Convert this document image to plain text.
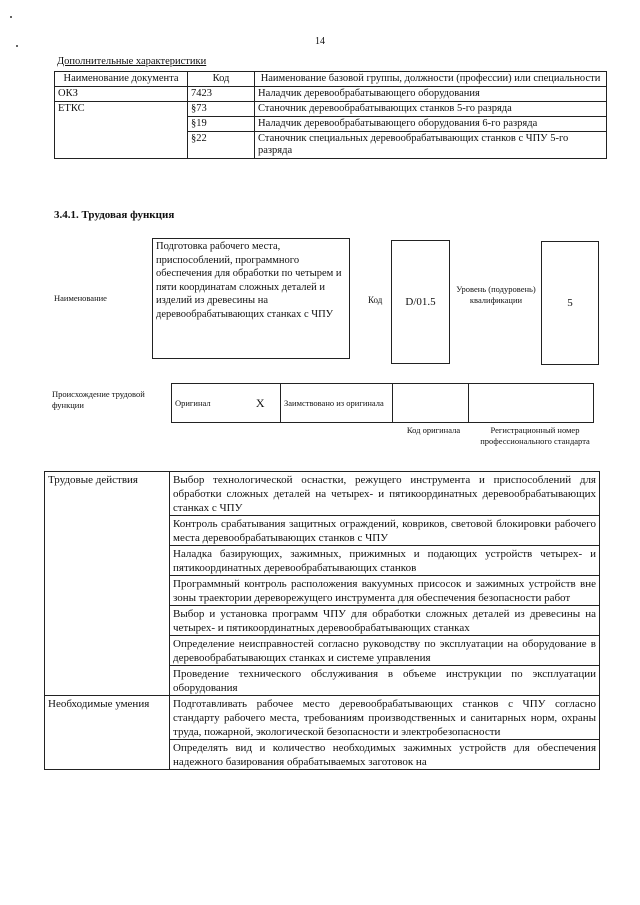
14
Дополнительные характеристики
Наименование документа	Код	Наименование базовой группы, должности (профессии) или специальности
ОКЗ	7423	Наладчик деревообрабатывающего оборудования
ЕТКС	§73	Станочник деревообрабатывающих станков 5-го разряда
	§19	Наладчик деревообрабатывающего оборудования 6-го разряда
	§22	Станочник специальных деревообрабатывающих станков с ЧПУ 5-го разряда
3.4.1. Трудовая функция
Наименование
Подготовка рабочего места, приспособлений, программного обеспечения для обработки по четырем и пяти координатам сложных деталей и изделий из древесины на деревообрабатывающих станках с ЧПУ
Код	D/01.5
Уровень (подуровень) квалификации	5
Происхождение трудовой функции	Оригинал	X	Заимствовано из оригинала		
Код оригинала	Регистрационный номер профессионального стандарта
Трудовые действия	Выбор технологической оснастки, режущего инструмента и приспособлений для обработки сложных деталей на четырех- и пятикоординатных деревообрабатывающих станках с ЧПУ
	Контроль срабатывания защитных ограждений, ковриков, световой блокировки рабочего места деревообрабатывающих станков с ЧПУ
	Наладка базирующих, зажимных, прижимных и подающих устройств четырех- и пятикоординатных деревообрабатывающих станков
	Программный контроль расположения вакуумных присосок и зажимных устройств вне зоны траектории дереворежущего инструмента для обеспечения безопасности работ
	Выбор и установка программ ЧПУ для обработки сложных деталей из древесины на четырех- и пятикоординатных деревообрабатывающих станках
	Определение неисправностей согласно руководству по эксплуатации на оборудование в деревообрабатывающих станках и системе управления
	Проведение технического обслуживания в объеме инструкции по эксплуатации оборудования
Необходимые умения	Подготавливать рабочее место деревообрабатывающих станков с ЧПУ согласно стандарту рабочего места, требованиям производственных и санитарных норм, охраны труда, пожарной, экологической безопасности и электробезопасности
	Определять вид и количество необходимых зажимных устройств для обеспечения надежного базирования обрабатываемых заготовок на
